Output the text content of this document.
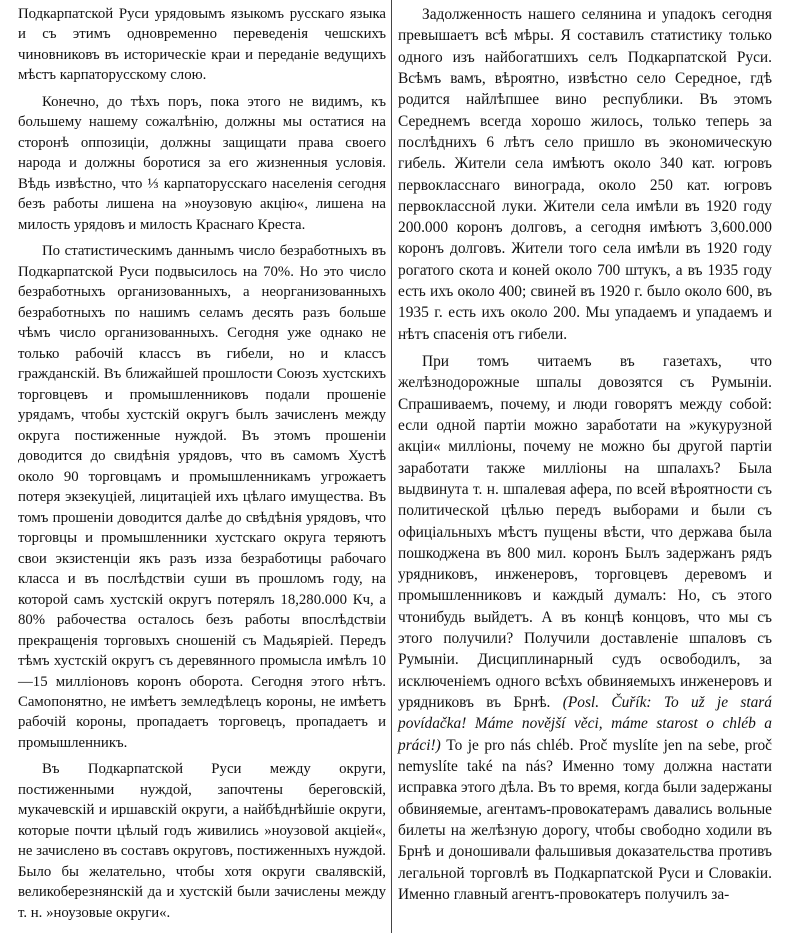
Подкарпатской Руси урядовымъ языкомъ русскаго языка и съ этимъ одновременно переведенія чешскихъ чиновниковъ въ историческіе краи и переданіе ведущихъ мѣстъ карпаторусскому слою.

Конечно, до тѣхъ поръ, пока этого не видимъ, къ большему нашему сожалѣнію, должны мы остатися на сторонѣ оппозиціи, должны защищати права своего народа и должны боротися за его жизненныя условія. Вѣдь извѣстно, что ⅓ карпаторусскаго населенія сегодня безъ работы лишена на »ноузовую акцію«, лишена на милость урядовъ и милость Краснаго Креста.

По статистическимъ даннымъ число безработныхъ въ Подкарпатской Руси подвысилось на 70%. Но это число безработныхъ организованныхъ, а неорганизованныхъ безработныхъ по нашимъ селамъ десять разъ больше чѣмъ число организованныхъ. Сегодня уже однако не только рабочій классъ въ гибели, но и классъ гражданскій. Въ ближайшей прошлости Союзъ хустскихъ торговцевъ и промышленниковъ подали прошеніе урядамъ, чтобы хустскій округъ былъ зачисленъ между округа постиженные нуждой. Въ этомъ прошеніи доводится до свидѣнія урядовъ, что въ самомъ Хустѣ около 90 торговцамъ и промышленникамъ угрожаетъ потеря экзекуцiей, лицитаціей ихъ цѣлаго имущества. Въ томъ прошеніи доводится далѣе до свѣдѣнія урядовъ, что торговцы и промышленники хустскаго округа теряютъ свои экзистенціи якъ разъ изза безработицы рабочаго класса и въ послѣдствіи суши въ прошломъ году, на которой самъ хустскій округъ потерялъ 18,280.000 Кч, а 80% рабочества осталось безъ работы впослѣдствіи прекращенія торговыхъ сношеній съ Мадьяріей. Передъ тѣмъ хустскій округъ съ деревянного промысла имѣлъ 10—15 милліоновъ коронъ оборота. Сегодня этого нѣтъ. Самопонятно, не имѣетъ земледѣлецъ короны, не имѣетъ рабочій короны, пропадаетъ торговецъ, пропадаетъ и промышленникъ.

Въ Подкарпатской Руси между округи, постиженными нуждой, започтены береговскій, мукачевскій и иршавскій округи, а найбѣднѣйшіе округи, которые почти цѣлый годъ живились »ноузовой акціей«, не зачислено въ составъ округовъ, постиженныхъ нуждой. Было бы желательно, чтобы хотя округи свалявскій, великоберезнянскій да и хустскій были зачислены между т. н. »ноузовые округи«.

Задолженность нашего селянина и упадокъ сегодня превышаетъ всѣ мѣры. Я составилъ статистику только одного изъ найбогатшихъ селъ Подкарпатской Руси. Всѣмъ вамъ, вѣроятно, извѣстно село Середное, гдѣ родится найлѣпшее вино республики. Въ этомъ Середнемъ всегда хорошо жилось, только теперь за послѣднихъ 6 лѣтъ село пришло въ экономическую гибель. Жители села имѣютъ около 340 кат. югровъ первокласснаго винограда, около 250 кат. югровъ первоклассной луки. Жители села имѣли въ 1920 году 200.000 коронъ долговъ, а сегодня имѣютъ 3,600.000 коронъ долговъ. Жители того села имѣли въ 1920 году рогатого скота и коней около 700 штукъ, а въ 1935 году есть ихъ около 400; свиней въ 1920 г. было около 600, въ 1935 г. есть ихъ около 200. Мы упадаемъ и упадаемъ и нѣтъ спасенія отъ гибели.

При томъ читаемъ въ газетахъ, что желѣзнодорожные шпалы довозятся съ Румыніи. Спрашиваемъ, почему, и люди говорятъ между собой: если одной партіи можно заработати на »кукурузной акціи« милліоны, почему не можно бы другой партіи заработати также милліоны на шпалахъ? Была выдвинута т. н. шпалевая афера, по всей вѣроятности съ политической цѣлью передъ выборами и были съ офиціальныхъ мѣстъ пущены вѣсти, что держава была пошкоджена въ 800 мил. коронъ Былъ задержанъ рядъ урядниковъ, инженеровъ, торговцевъ деревомъ и промышленниковъ и каждый думалъ: Но, съ этого чтонибудь выйдетъ. А въ концѣ концовъ, что мы съ этого получили? Получили доставленіе шпаловъ съ Румыніи. Дисциплинарный судъ освободилъ, за исключеніемъ одного всѣхъ обвиняемыхъ инженеровъ и урядниковъ въ Брнѣ. (Posl. Čuřík: To už je stará povídačka! Máme novější věci, máme starost o chléb a práci!) To je pro nás chléb. Proč myslíte jen na sebe, proč nemyslíte také na nás? Именно тому должна настати исправка этого дѣла. Въ то время, когда были задержаны обвиняемые, агентамъ-провокатерамъ давались вольные билеты на желѣзную дорогу, чтобы свободно ходили въ Брнѣ и доношивали фальшивыя доказательства противъ легальной торговлѣ въ Подкарпатской Руси и Словакіи. Именно главный агентъ-провокатеръ получилъ за-
